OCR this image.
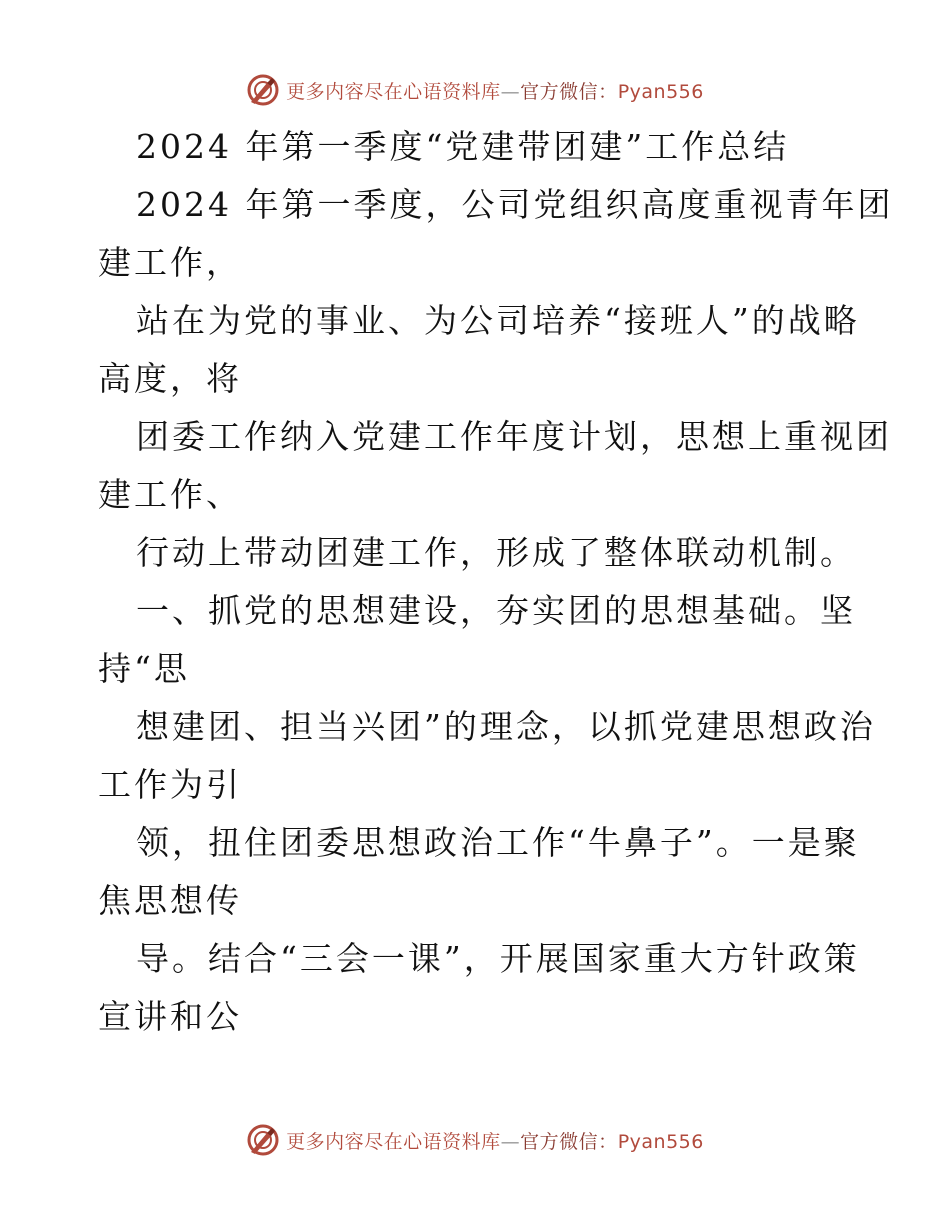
更多内容尽在心语资料库—官方微信：Pyan556
2024 年第一季度“党建带团建”工作总结
2024 年第一季度，公司党组织高度重视青年团
建工作，
站在为党的事业、为公司培养“接班人”的战略
高度，将
团委工作纳入党建工作年度计划，思想上重视团
建工作、
行动上带动团建工作，形成了整体联动机制。
一、抓党的思想建设，夯实团的思想基础。坚
持“思
想建团、担当兴团”的理念，以抓党建思想政治
工作为引
领，扭住团委思想政治工作“牛鼻子”。一是聚
焦思想传
导。结合“三会一课”，开展国家重大方针政策
宣讲和公
更多内容尽在心语资料库—官方微信：Pyan556
